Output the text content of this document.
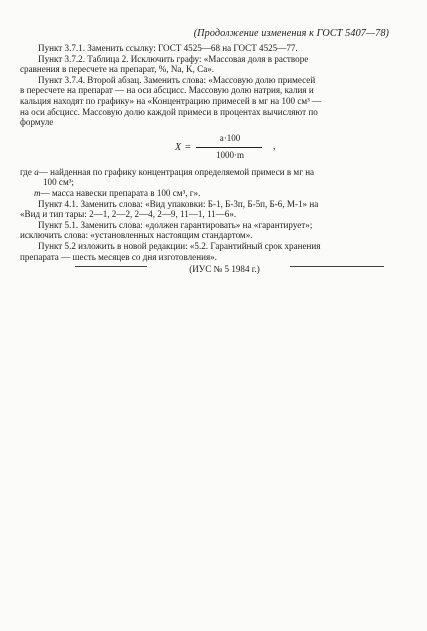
(Продолжение изменения к ГОСТ 5407—78)

Пункт 3.7.1. Заменить ссылку: ГОСТ 4525—68 на ГОСТ 4525—77.

Пункт 3.7.2. Таблица 2. Исключить графу: «Массовая доля в растворе
сравнения в пересчете на препарат, %, Na, K, Ca».

Пункт 3.7.4. Второй абзац. Заменить слова: «Массовую долю примесей
в пересчете на препарат — на оси абсцисс. Массовую долю натрия, калия и
кальция находят по графику» на «Концентрацию примесей в мг на 100 см³ —
на оси абсцисс. Массовую долю каждой примеси в процентах вычисляют по
формуле

X =
a·100
1000·m
,
где a— найденная по графику концентрация определяемой примеси в мг на
100 см³;
m— масса навески препарата в 100 см³, г».

Пункт 4.1. Заменить слова: «Вид упаковки: Б-1, Б-3п, Б-5п, Б-6, М-1» на
«Вид и тип тары: 2—1, 2—2, 2—4, 2—9, 11—1, 11—6».

Пункт 5.1. Заменить слова: «должен гарантировать» на «гарантирует»;
исключить слова: «установленных настоящим стандартом».

Пункт 5.2 изложить в новой редакции: «5.2. Гарантийный срок хранения
препарата — шесть месяцев со дня изготовления».

(ИУС № 5 1984 г.)
